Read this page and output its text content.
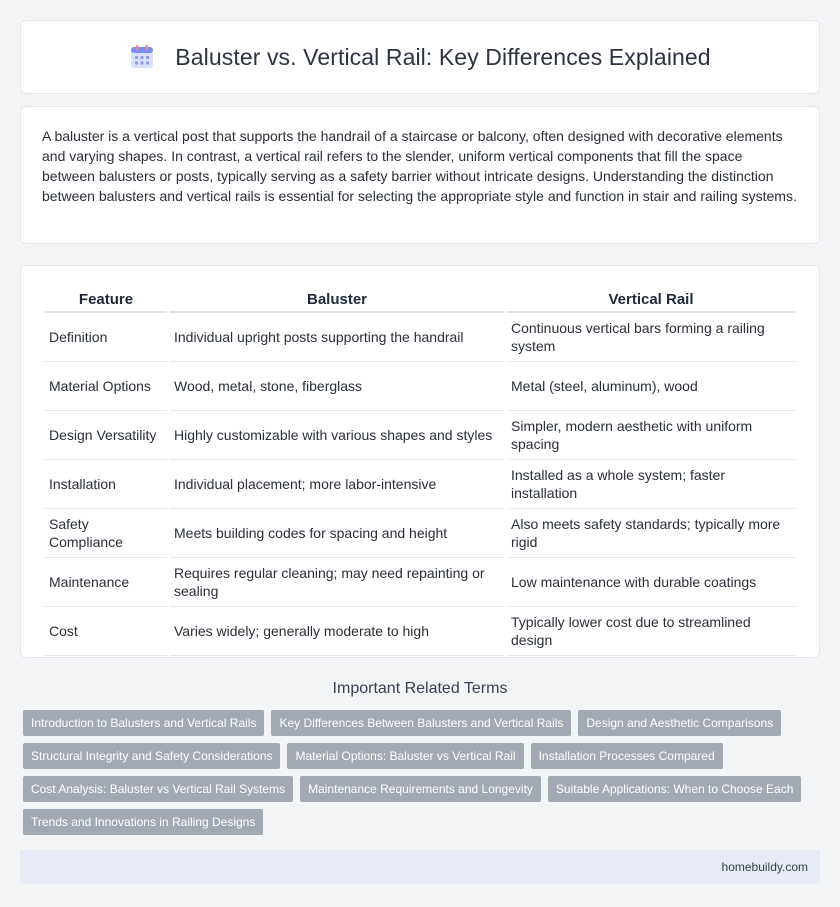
Baluster vs. Vertical Rail: Key Differences Explained

A baluster is a vertical post that supports the handrail of a staircase or balcony, often designed with decorative elements and varying shapes. In contrast, a vertical rail refers to the slender, uniform vertical components that fill the space between balusters or posts, typically serving as a safety barrier without intricate designs. Understanding the distinction between balusters and vertical rails is essential for selecting the appropriate style and function in stair and railing systems.

Feature	Baluster	Vertical Rail
Definition	Individual upright posts supporting the handrail	Continuous vertical bars forming a railing system
Material Options	Wood, metal, stone, fiberglass	Metal (steel, aluminum), wood
Design Versatility	Highly customizable with various shapes and styles	Simpler, modern aesthetic with uniform spacing
Installation	Individual placement; more labor-intensive	Installed as a whole system; faster installation
Safety Compliance	Meets building codes for spacing and height	Also meets safety standards; typically more rigid
Maintenance	Requires regular cleaning; may need repainting or sealing	Low maintenance with durable coatings
Cost	Varies widely; generally moderate to high	Typically lower cost due to streamlined design
Important Related Terms
Introduction to Balusters and Vertical Rails	Key Differences Between Balusters and Vertical Rails	Design and Aesthetic Comparisons
Structural Integrity and Safety Considerations	Material Options: Baluster vs Vertical Rail	Installation Processes Compared
Cost Analysis: Baluster vs Vertical Rail Systems	Maintenance Requirements and Longevity	Suitable Applications: When to Choose Each
Trends and Innovations in Railing Designs
homebuildy.com
